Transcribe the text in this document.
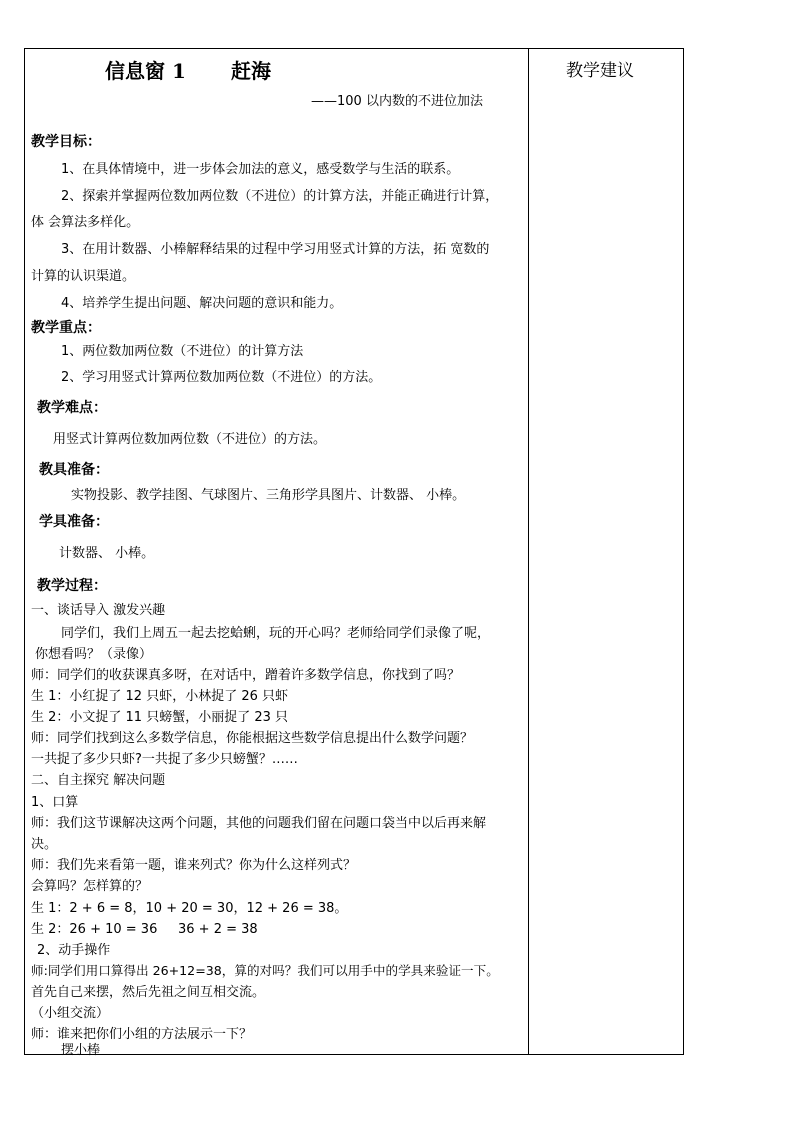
信息窗 1 赶海
——100 以内数的不进位加法
教学目标：
1、在具体情境中，进一步体会加法的意义，感受数学与生活的联系。
2、探索并掌握两位数加两位数（不进位）的计算方法，并能正确进行计算，
体 会算法多样化。
3、在用计数器、小棒解释结果的过程中学习用竖式计算的方法，拓 宽数的
计算的认识渠道。
4、培养学生提出问题、解决问题的意识和能力。
教学重点：
1、两位数加两位数（不进位）的计算方法
2、学习用竖式计算两位数加两位数（不进位）的方法。
教学难点：
用竖式计算两位数加两位数（不进位）的方法。
教具准备：
实物投影、教学挂图、气球图片、三角形学具图片、计数器、 小棒。
学具准备：
计数器、 小棒。
教学过程：
一、谈话导入 激发兴趣
同学们，我们上周五一起去挖蛤蜊，玩的开心吗？老师给同学们录像了呢，
你想看吗？（录像）
师：同学们的收获课真多呀，在对话中，蹭着许多数学信息，你找到了吗？
生 1：小红捉了 12 只虾，小林捉了 26 只虾
生 2：小文捉了 11 只螃蟹，小丽捉了 23 只
师：同学们找到这么多数学信息，你能根据这些数学信息提出什么数学问题？
一共捉了多少只虾?一共捉了多少只螃蟹？……
二、自主探究 解决问题
1、口算
师：我们这节课解决这两个问题，其他的问题我们留在问题口袋当中以后再来解
决。
师：我们先来看第一题，谁来列式？你为什么这样列式？
会算吗？怎样算的？
生 1：2 + 6 = 8，10 + 20 = 30，12 + 26 = 38。
生 2：26 + 10 = 36     36 + 2 = 38
2、动手操作
师:同学们用口算得出 26+12=38，算的对吗？我们可以用手中的学具来验证一下。
首先自己来摆，然后先祖之间互相交流。
（小组交流）
师：谁来把你们小组的方法展示一下？
摆小棒
教学建议
